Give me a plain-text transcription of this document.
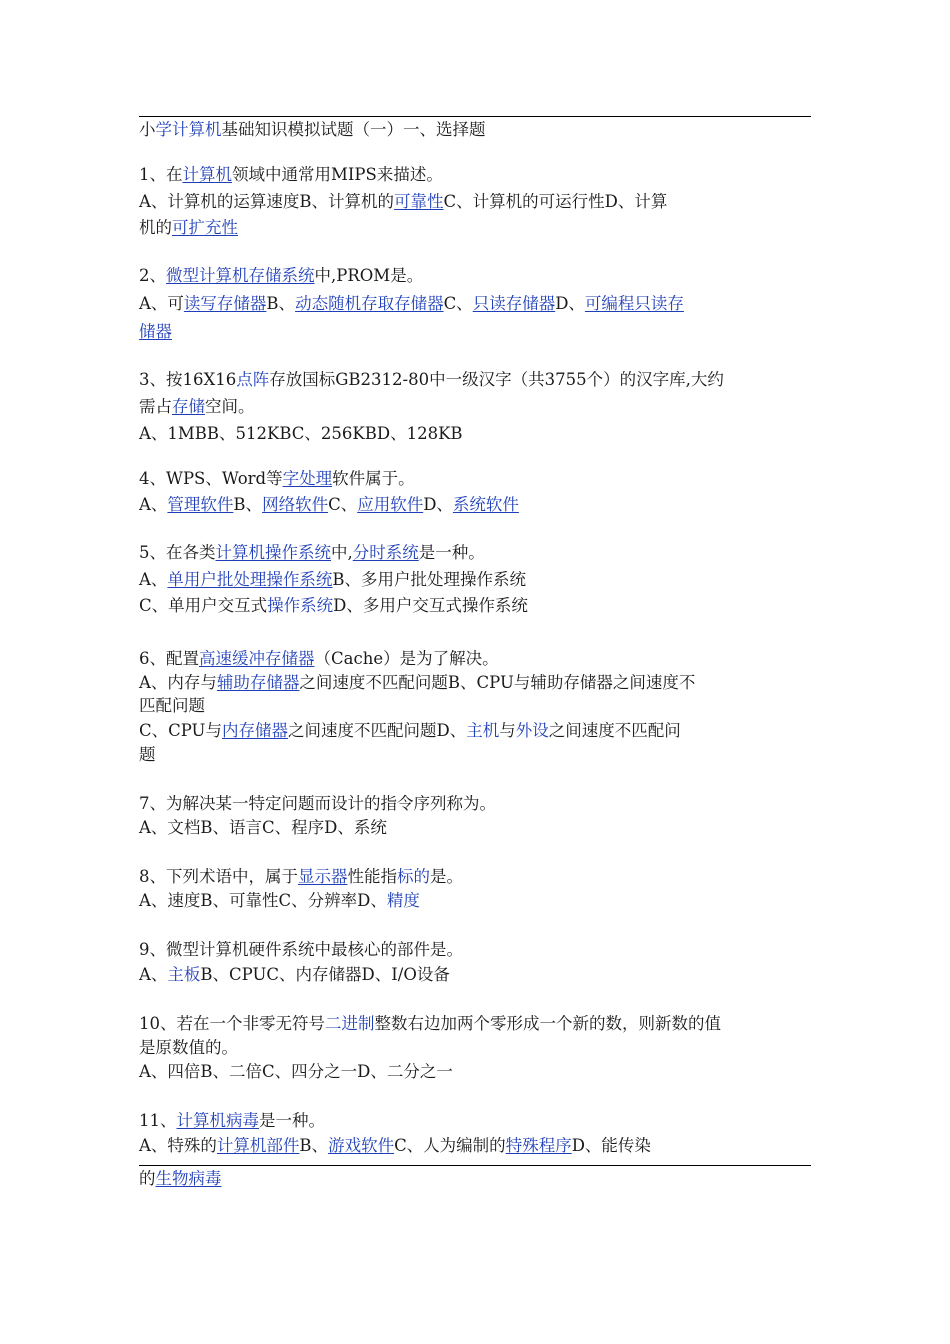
小学计算机基础知识模拟试题（一）一、选择题
1、在计算机领域中通常用MIPS来描述。
A、计算机的运算速度B、计算机的可靠性C、计算机的可运行性D、计算
机的可扩充性
2、微型计算机存储系统中,PROM是。
A、可读写存储器B、动态随机存取存储器C、只读存储器D、可编程只读存
储器
3、按16X16点阵存放国标GB2312-80中一级汉字（共3755个）的汉字库,大约
需占存储空间。
A、1MBB、512KBC、256KBD、128KB
4、WPS、Word等字处理软件属于。
A、管理软件B、网络软件C、应用软件D、系统软件
5、在各类计算机操作系统中,分时系统是一种。
A、单用户批处理操作系统B、多用户批处理操作系统
C、单用户交互式操作系统D、多用户交互式操作系统
6、配置高速缓冲存储器（Cache）是为了解决。
A、内存与辅助存储器之间速度不匹配问题B、CPU与辅助存储器之间速度不
匹配问题
C、CPU与内存储器之间速度不匹配问题D、主机与外设之间速度不匹配问
题
7、为解决某一特定问题而设计的指令序列称为。
A、文档B、语言C、程序D、系统
8、下列术语中，属于显示器性能指标的是。
A、速度B、可靠性C、分辨率D、精度
9、微型计算机硬件系统中最核心的部件是。
A、主板B、CPUC、内存储器D、I/O设备
10、若在一个非零无符号二进制整数右边加两个零形成一个新的数，则新数的值
是原数值的。
A、四倍B、二倍C、四分之一D、二分之一
11、计算机病毒是一种。
A、特殊的计算机部件B、游戏软件C、人为编制的特殊程序D、能传染
的生物病毒
